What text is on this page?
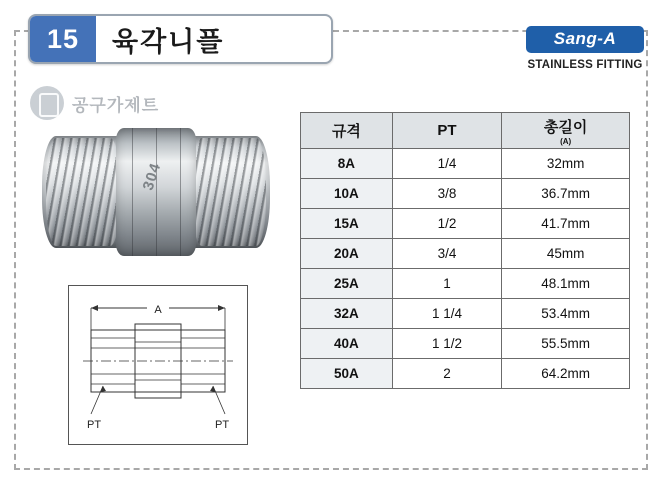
15	육각니플	Sang-A
STAINLESS FITTING
공구가제트
304
A
PT	PT
규격	PT	총길이
(A)

8A	1/4	32mm
10A	3/8	36.7mm
15A	1/2	41.7mm
20A	3/4	45mm
25A	1	48.1mm
32A	1 1/4	53.4mm
40A	1 1/2	55.5mm
50A	2	64.2mm
